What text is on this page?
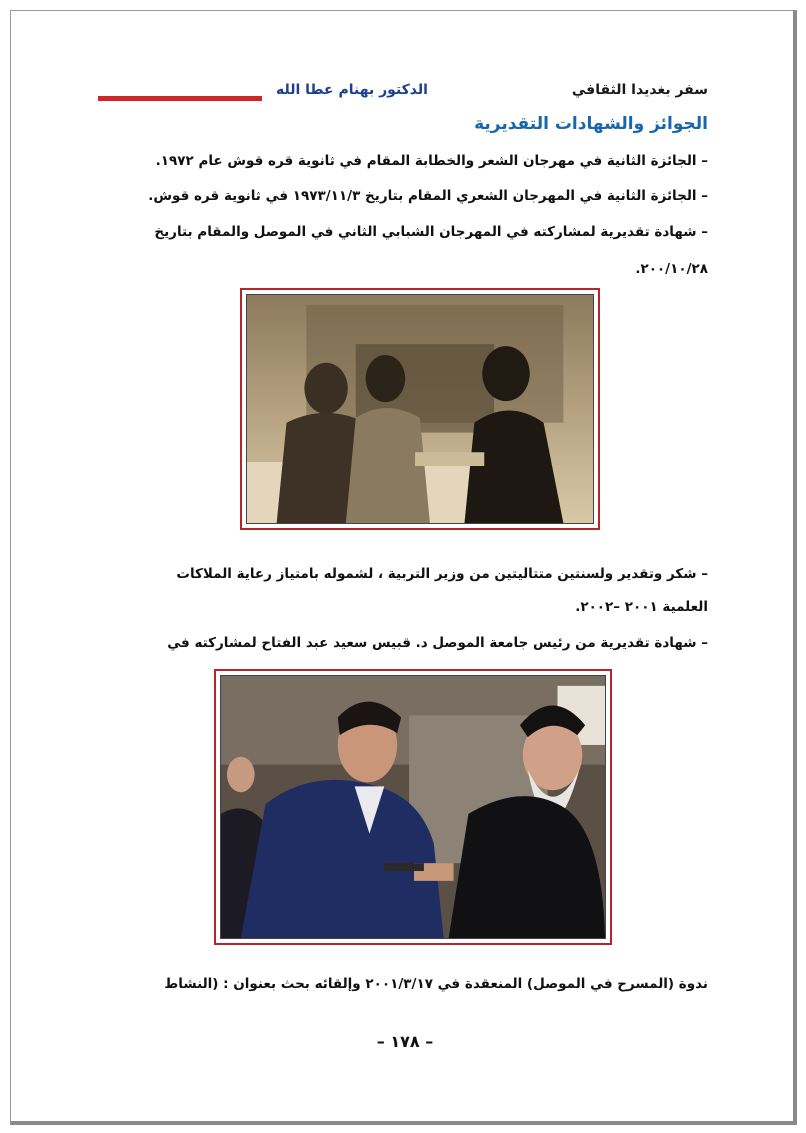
سفر بغديدا الثقافي
الدكتور بهنام عطا الله
الجوائز والشهادات التقديرية
– الجائزة الثانية في مهرجان الشعر والخطابة المقام في ثانوية قره قوش عام ١٩٧٢.
– الجائزة الثانية في المهرجان الشعري المقام بتاريخ ١٩٧٣/١١/٣ في ثانوية قره قوش.
– شهادة تقديرية لمشاركته في المهرجان الشبابي الثاني في الموصل والمقام بتاريخ
٢٠٠/١٠/٢٨.
– شكر وتقدير ولسنتين متتاليتين من وزير التربية ، لشموله بامتياز رعاية الملاكات
العلمية ٢٠٠١ –٢٠٠٢.
– شهادة تقديرية من رئيس جامعة الموصل د. قبيس سعيد عبد الفتاح لمشاركته في
ندوة (المسرح في الموصل) المنعقدة في ٢٠٠١/٣/١٧ وإلقائه بحث بعنوان : (النشاط
– ١٧٨ –
